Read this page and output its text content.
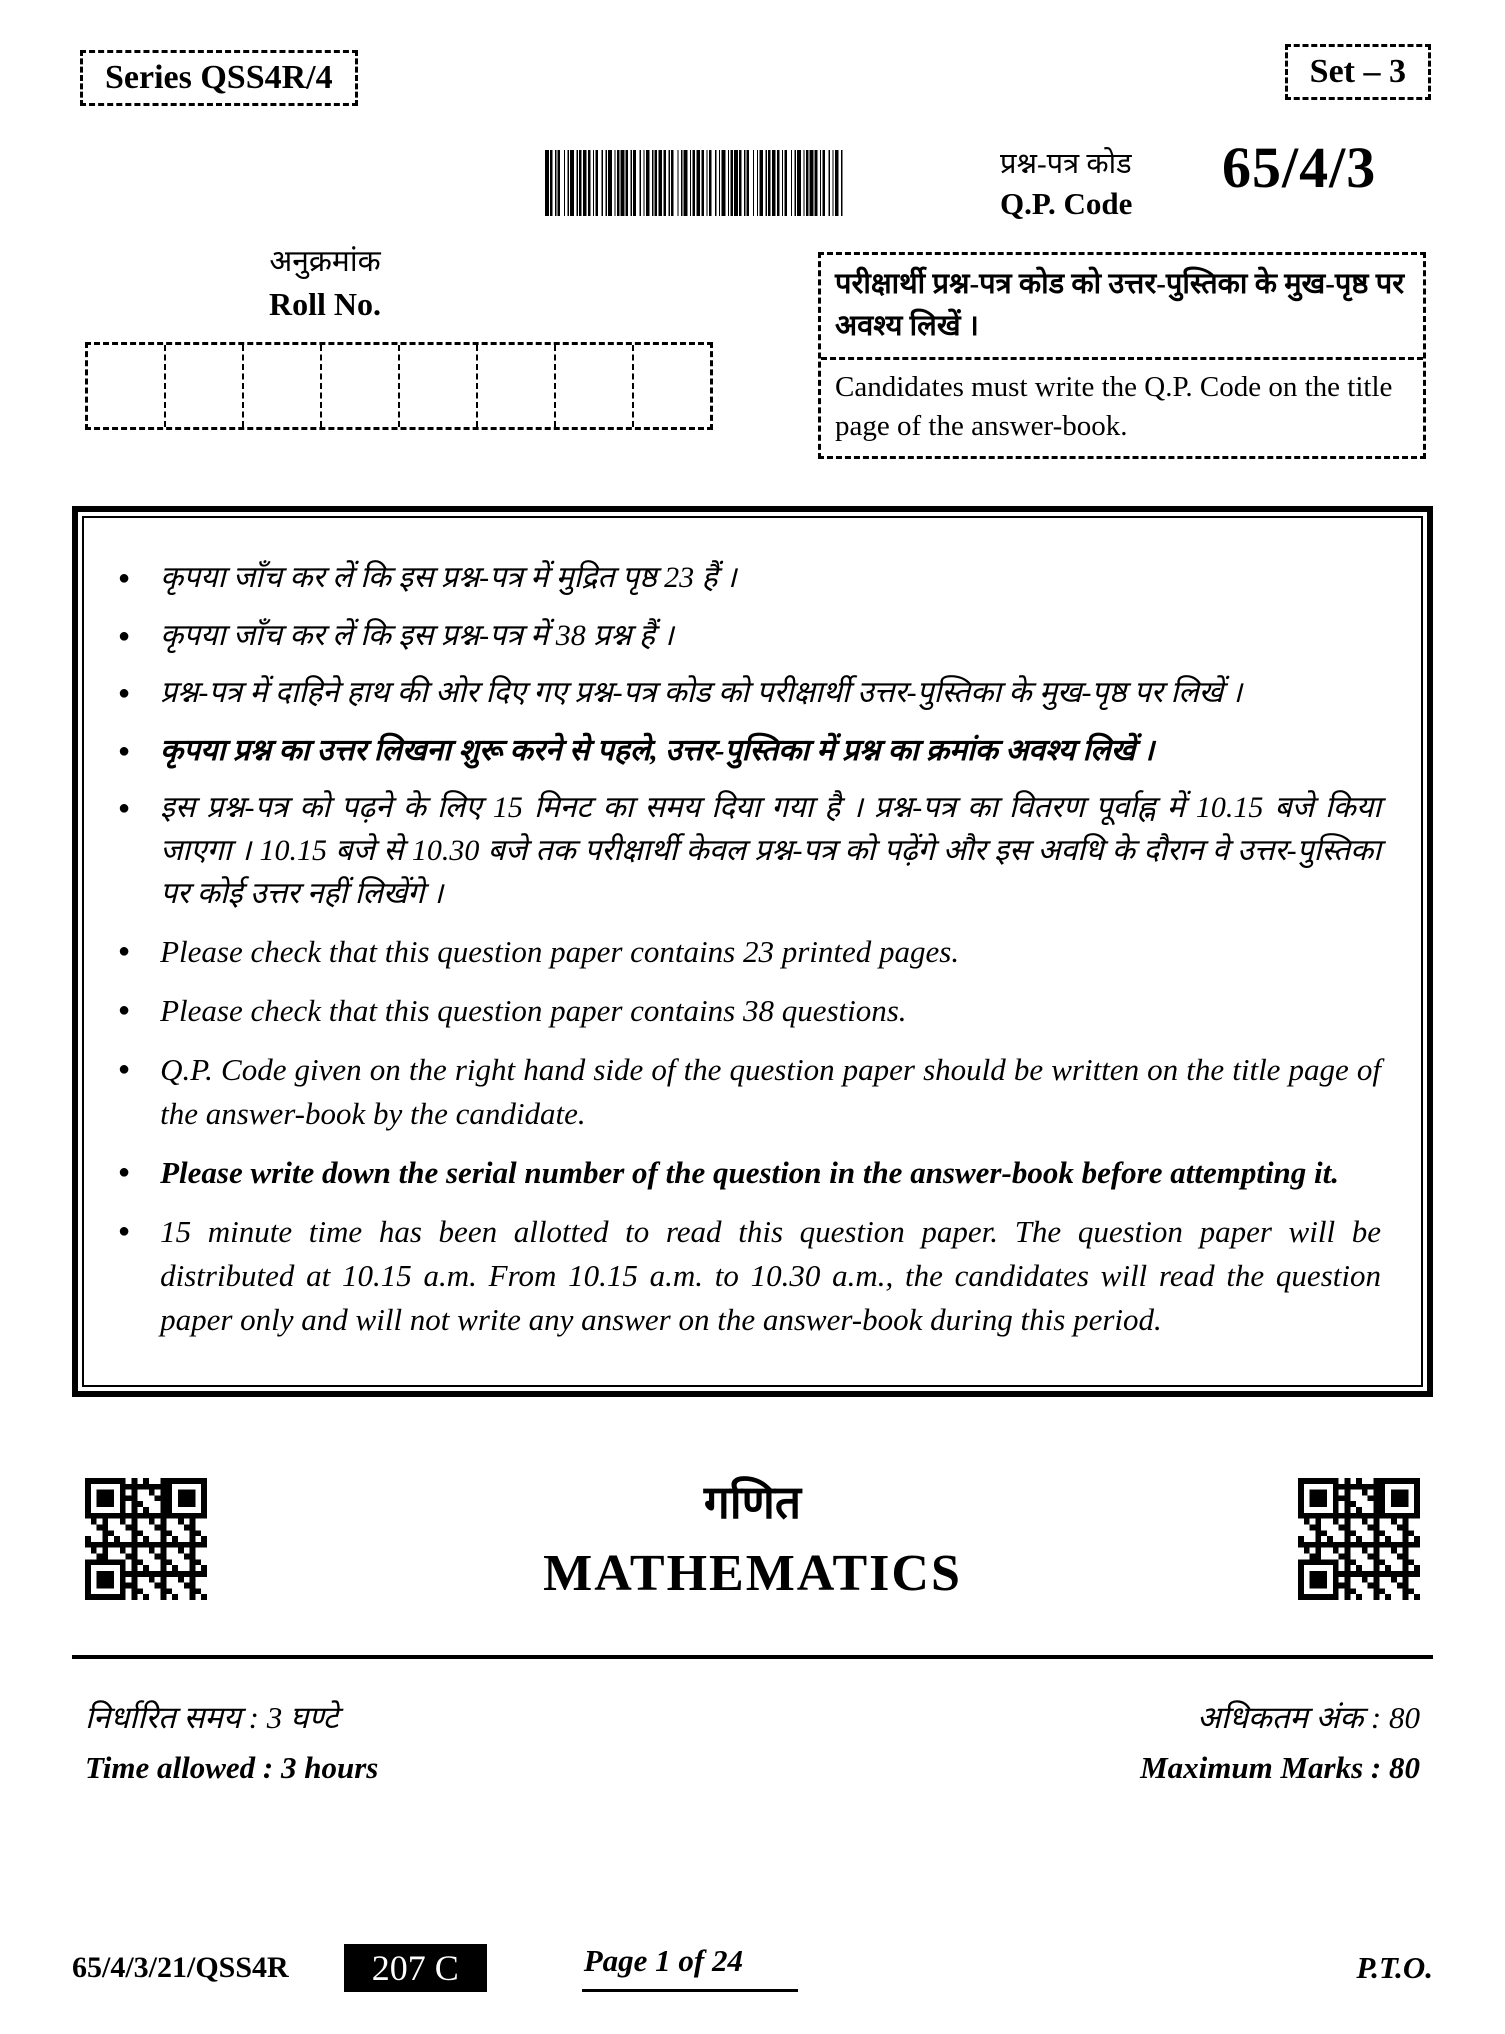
Series QSS4R/4	Set – 3
प्रश्न-पत्र कोड
Q.P. Code
65/4/3
अनुक्रमांक
Roll No.
परीक्षार्थी प्रश्न-पत्र कोड को उत्तर-पुस्तिका के मुख-पृष्ठ पर अवश्य लिखें ।
Candidates must write the Q.P. Code on the title page of the answer-book.
● कृपया जाँच कर लें कि इस प्रश्न-पत्र में मुद्रित पृष्ठ 23 हैं ।
● कृपया जाँच कर लें कि इस प्रश्न-पत्र में 38 प्रश्न हैं ।
● प्रश्न-पत्र में दाहिने हाथ की ओर दिए गए प्रश्न-पत्र कोड को परीक्षार्थी उत्तर-पुस्तिका के मुख-पृष्ठ पर लिखें ।
● कृपया प्रश्न का उत्तर लिखना शुरू करने से पहले, उत्तर-पुस्तिका में प्रश्न का क्रमांक अवश्य लिखें ।
● इस प्रश्न-पत्र को पढ़ने के लिए 15 मिनट का समय दिया गया है । प्रश्न-पत्र का वितरण पूर्वाह्न में 10.15 बजे किया जाएगा । 10.15 बजे से 10.30 बजे तक परीक्षार्थी केवल प्रश्न-पत्र को पढ़ेंगे और इस अवधि के दौरान वे उत्तर-पुस्तिका पर कोई उत्तर नहीं लिखेंगे ।
● Please check that this question paper contains 23 printed pages.
● Please check that this question paper contains 38 questions.
● Q.P. Code given on the right hand side of the question paper should be written on the title page of the answer-book by the candidate.
● Please write down the serial number of the question in the answer-book before attempting it.
● 15 minute time has been allotted to read this question paper. The question paper will be distributed at 10.15 a.m. From 10.15 a.m. to 10.30 a.m., the candidates will read the question paper only and will not write any answer on the answer-book during this period.
गणित
MATHEMATICS
निर्धारित समय : 3 घण्टे
Time allowed : 3 hours
अधिकतम अंक : 80
Maximum Marks : 80
65/4/3/21/QSS4R	207 C	Page 1 of 24	P.T.O.
